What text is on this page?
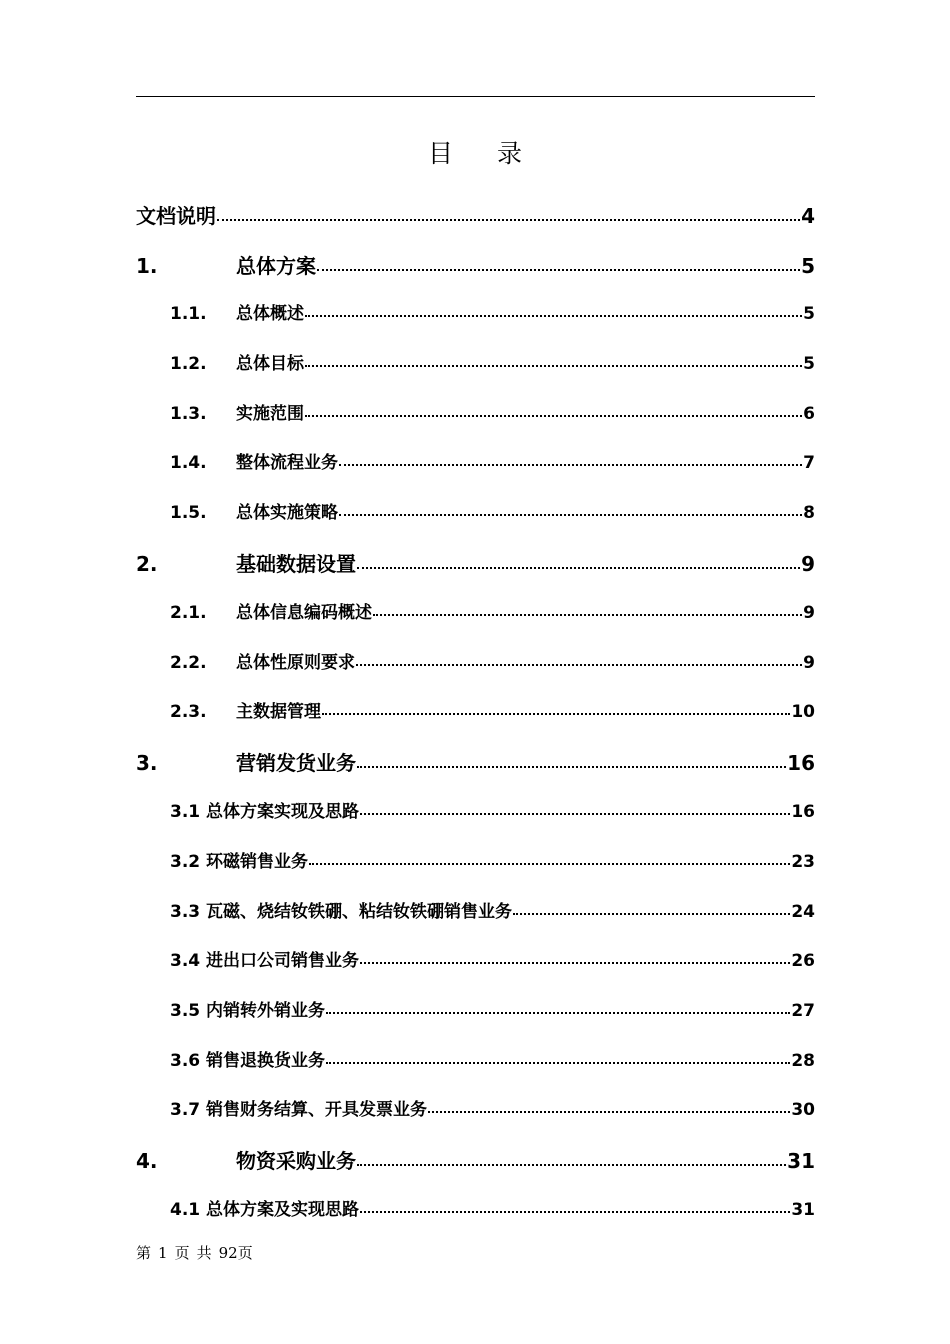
目 录
文档说明	4
1.	总体方案	5
1.1.	总体概述	5
1.2.	总体目标	5
1.3.	实施范围	6
1.4.	整体流程业务	7
1.5.	总体实施策略	8
2.	基础数据设置	9
2.1.	总体信息编码概述	9
2.2.	总体性原则要求	9
2.3.	主数据管理	10
3.	营销发货业务	16
3.1 总体方案实现及思路	16
3.2 环磁销售业务	23
3.3 瓦磁、烧结钕铁硼、粘结钕铁硼销售业务	24
3.4 进出口公司销售业务	26
3.5 内销转外销业务	27
3.6 销售退换货业务	28
3.7 销售财务结算、开具发票业务	30
4.	物资采购业务	31
4.1 总体方案及实现思路	31
第 1 页 共 92页
